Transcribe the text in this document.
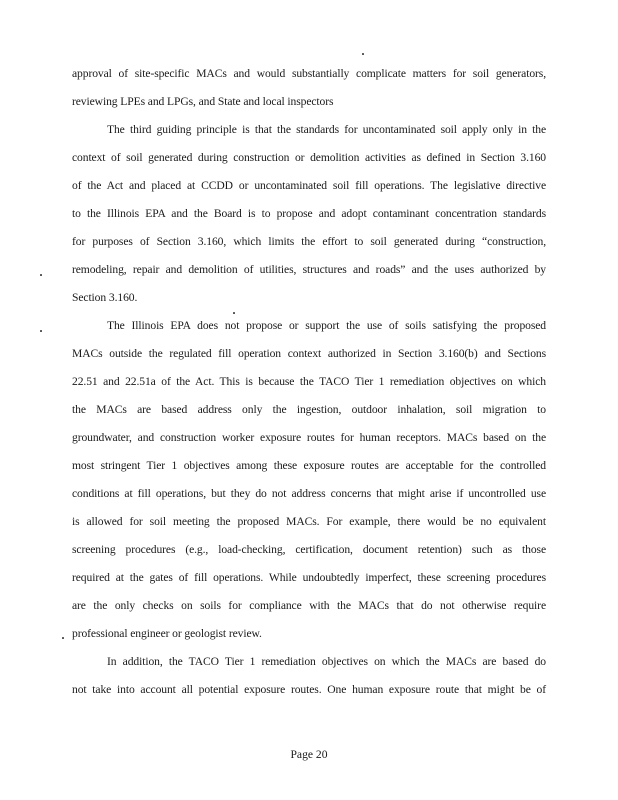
approval of site-specific MACs and would substantially complicate matters for soil generators,
reviewing LPEs and LPGs, and State and local inspectors
The third guiding principle is that the standards for uncontaminated soil apply only in the
context of soil generated during construction or demolition activities as defined in Section 3.160
of the Act and placed at CCDD or uncontaminated soil fill operations. The legislative directive
to the Illinois EPA and the Board is to propose and adopt contaminant concentration standards
for purposes of Section 3.160, which limits the effort to soil generated during “construction,
remodeling, repair and demolition of utilities, structures and roads” and the uses authorized by
Section 3.160.
The Illinois EPA does not propose or support the use of soils satisfying the proposed
MACs outside the regulated fill operation context authorized in Section 3.160(b) and Sections
22.51 and 22.51a of the Act. This is because the TACO Tier 1 remediation objectives on which
the MACs are based address only the ingestion, outdoor inhalation, soil migration to
groundwater, and construction worker exposure routes for human receptors. MACs based on the
most stringent Tier 1 objectives among these exposure routes are acceptable for the controlled
conditions at fill operations, but they do not address concerns that might arise if uncontrolled use
is allowed for soil meeting the proposed MACs. For example, there would be no equivalent
screening procedures (e.g., load-checking, certification, document retention) such as those
required at the gates of fill operations. While undoubtedly imperfect, these screening procedures
are the only checks on soils for compliance with the MACs that do not otherwise require
professional engineer or geologist review.
In addition, the TACO Tier 1 remediation objectives on which the MACs are based do
not take into account all potential exposure routes. One human exposure route that might be of
Page 20
